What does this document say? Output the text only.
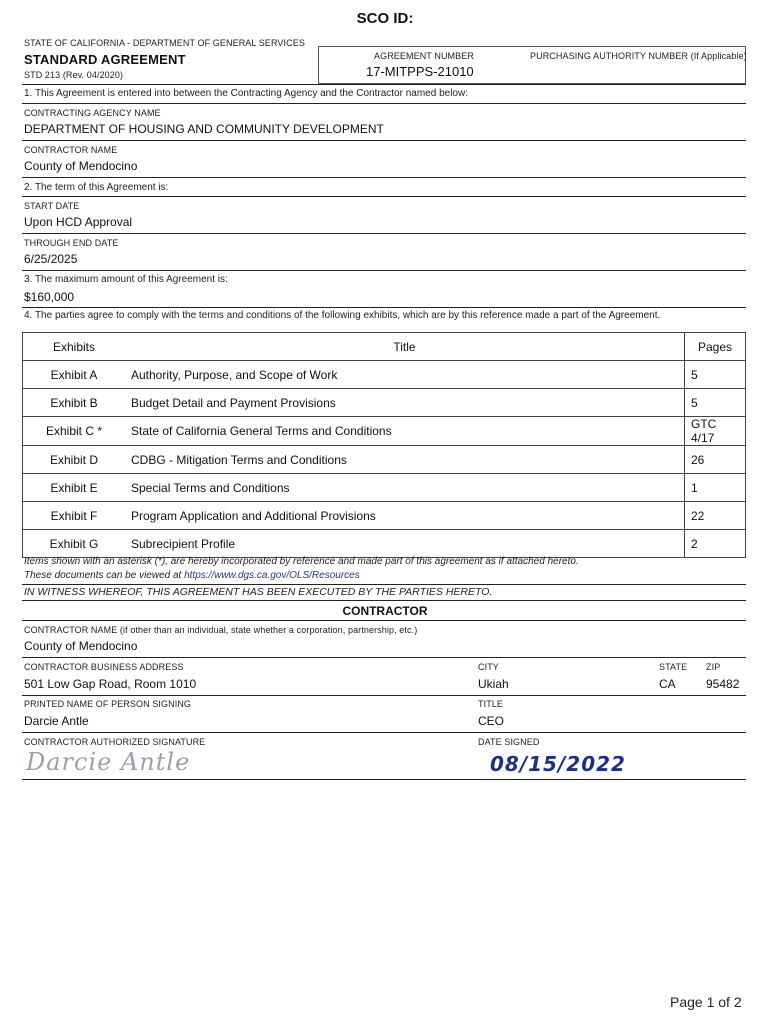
SCO ID:
STATE OF CALIFORNIA - DEPARTMENT OF GENERAL SERVICES
STANDARD AGREEMENT
STD 213 (Rev. 04/2020)
AGREEMENT NUMBER
17-MITPPS-21010
PURCHASING AUTHORITY NUMBER (If Applicable)
1. This Agreement is entered into between the Contracting Agency and the Contractor named below:
CONTRACTING AGENCY NAME
DEPARTMENT OF HOUSING AND COMMUNITY DEVELOPMENT
CONTRACTOR NAME
County of Mendocino
2. The term of this Agreement is:
START DATE
Upon HCD Approval
THROUGH END DATE
6/25/2025
3. The maximum amount of this Agreement is:
$160,000
4. The parties agree to comply with the terms and conditions of the following exhibits, which are by this reference made a part of the Agreement.
Exhibits	Title	Pages
Exhibit A	Authority, Purpose, and Scope of Work	5
Exhibit B	Budget Detail and Payment Provisions	5
Exhibit C *	State of California General Terms and Conditions	GTC 4/17
Exhibit D	CDBG - Mitigation Terms and Conditions	26
Exhibit E	Special Terms and Conditions	1
Exhibit F	Program Application and Additional Provisions	22
Exhibit G	Subrecipient Profile	2
Items shown with an asterisk (*), are hereby incorporated by reference and made part of this agreement as if attached hereto.
These documents can be viewed at https://www.dgs.ca.gov/OLS/Resources
IN WITNESS WHEREOF, THIS AGREEMENT HAS BEEN EXECUTED BY THE PARTIES HERETO.
CONTRACTOR
CONTRACTOR NAME (if other than an individual, state whether a corporation, partnership, etc.)
County of Mendocino
CONTRACTOR BUSINESS ADDRESS
501 Low Gap Road, Room 1010
CITY
Ukiah
STATE
CA
ZIP
95482
PRINTED NAME OF PERSON SIGNING
Darcie Antle
TITLE
CEO
CONTRACTOR AUTHORIZED SIGNATURE
Darcie Antle
DATE SIGNED
08/15/2022
Page 1 of 2
